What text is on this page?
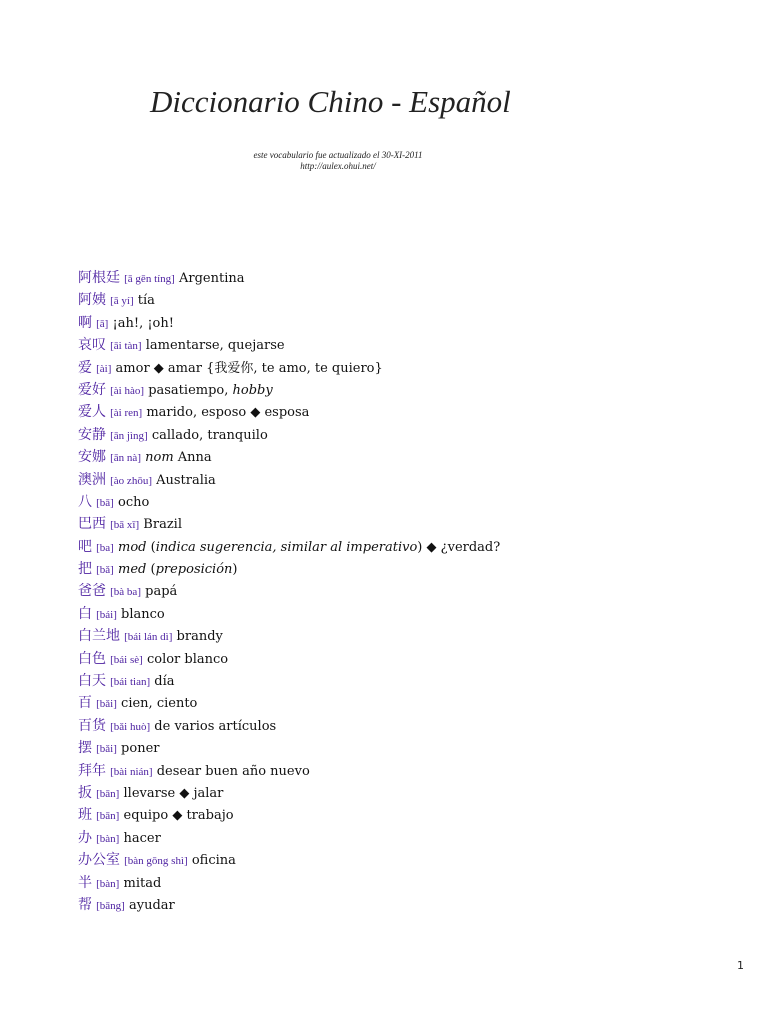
Diccionario Chino - Español
este vocabulario fue actualizado el 30-XI-2011
http://aulex.ohui.net/
阿根廷 [ā gēn tíng] Argentina
阿姨 [ā yí] tía
啊 [ā] ¡ah!, ¡oh!
哀叹 [āi tàn] lamentarse, quejarse
爱 [ài] amor ◆ amar {我爱你, te amo, te quiero}
爱好 [ài hào] pasatiempo, hobby
爱人 [ài ren] marido, esposo ◆ esposa
安静 [ān jìng] callado, tranquilo
安娜 [ān nà] nom Anna
澳洲 [ào zhōu] Australia
八 [bā] ocho
巴西 [bā xī] Brazil
吧 [ba] mod (indica sugerencia, similar al imperativo) ◆ ¿verdad?
把 [bǎ] med (preposición)
爸爸 [bà ba] papá
白 [bái] blanco
白兰地 [bái lán dì] brandy
白色 [bái sè] color blanco
白天 [bái tian] día
百 [bǎi] cien, ciento
百货 [bǎi huò] de varios artículos
摆 [bǎi] poner
拜年 [bài nián] desear buen año nuevo
扳 [bān] llevarse ◆ jalar
班 [bān] equipo ◆ trabajo
办 [bàn] hacer
办公室 [bàn gōng shì] oficina
半 [bàn] mitad
帮 [bāng] ayudar
1
